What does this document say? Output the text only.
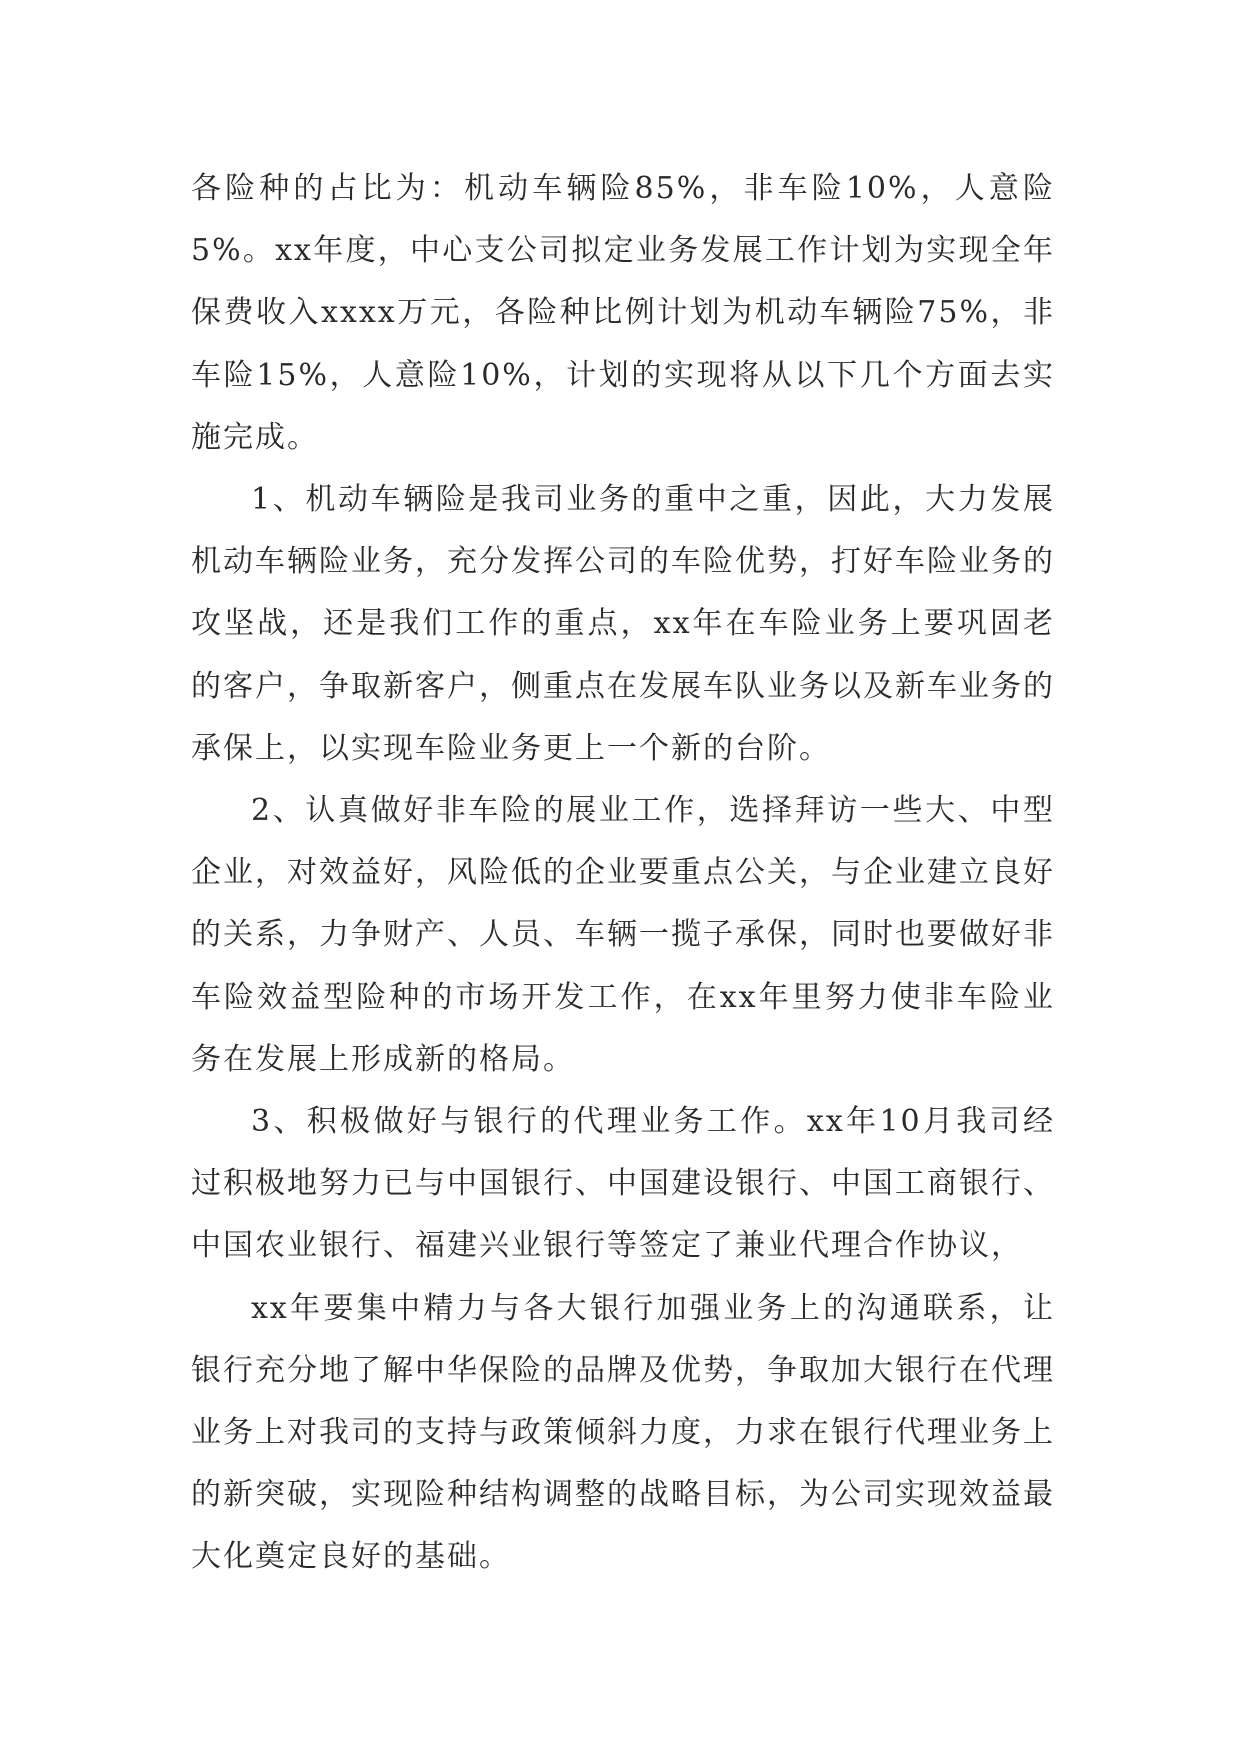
各险种的占比为：机动车辆险85%，非车险10%，人意险5%。xx年度，中心支公司拟定业务发展工作计划为实现全年保费收入xxxx万元，各险种比例计划为机动车辆险75%，非车险15%，人意险10%，计划的实现将从以下几个方面去实施完成。

1、机动车辆险是我司业务的重中之重，因此，大力发展机动车辆险业务，充分发挥公司的车险优势，打好车险业务的攻坚战，还是我们工作的重点，xx年在车险业务上要巩固老的客户，争取新客户，侧重点在发展车队业务以及新车业务的承保上，以实现车险业务更上一个新的台阶。

2、认真做好非车险的展业工作，选择拜访一些大、中型企业，对效益好，风险低的企业要重点公关，与企业建立良好的关系，力争财产、人员、车辆一揽子承保，同时也要做好非车险效益型险种的市场开发工作，在xx年里努力使非车险业务在发展上形成新的格局。

3、积极做好与银行的代理业务工作。xx年10月我司经过积极地努力已与中国银行、中国建设银行、中国工商银行、中国农业银行、福建兴业银行等签定了兼业代理合作协议，

xx年要集中精力与各大银行加强业务上的沟通联系，让银行充分地了解中华保险的品牌及优势，争取加大银行在代理业务上对我司的支持与政策倾斜力度，力求在银行代理业务上的新突破，实现险种结构调整的战略目标，为公司实现效益最大化奠定良好的基础。
